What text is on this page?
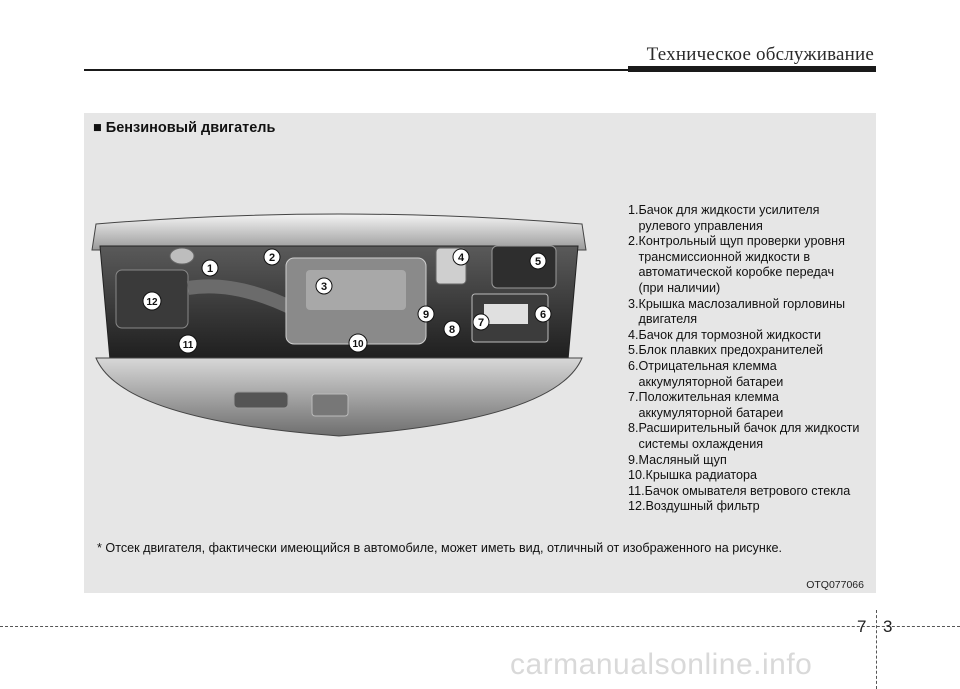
Техническое обслуживание
■ Бензиновый двигатель
1
2
3
4	5
6
7
8
9
10
11
12
1. Бачок для жидкости усилителя
рулевого управления
2. Контрольный щуп проверки уровня
трансмиссионной жидкости в
автоматической коробке передач
(при наличии)
3. Крышка маслозаливной горловины
двигателя
4. Бачок для тормозной жидкости
5. Блок плавких предохранителей
6. Отрицательная клемма
аккумуляторной батареи
7. Положительная клемма
аккумуляторной батареи
8. Расширительный бачок для жидкости
системы охлаждения
9. Масляный щуп
10. Крышка радиатора
11. Бачок омывателя ветрового стекла
12. Воздушный фильтр
* Отсек двигателя, фактически имеющийся в автомобиле, может иметь вид, отличный от изображенного на рисунке.
OTQ077066
7 3
carmanualsonline.info
